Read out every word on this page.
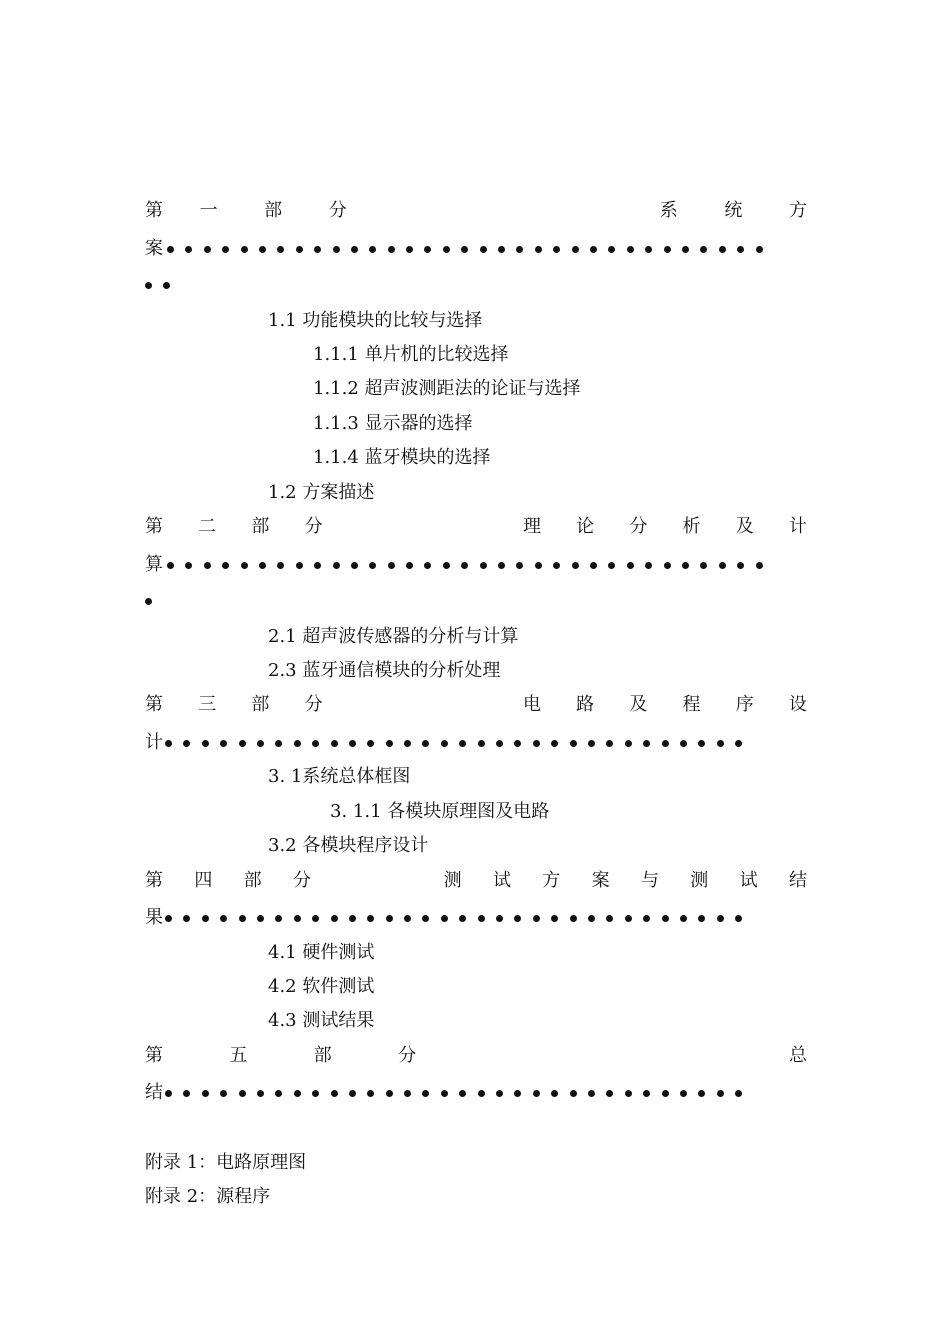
第 一	部	分	系	统	方
案
1.1 功能模块的比较与选择
1.1.1 单片机的比较选择
1.1.2 超声波测距法的论证与选择
1.1.3 显示器的选择
1.1.4 蓝牙模块的选择
1.2 方案描述
第 二 部 分	理 论 分 析 及 计
算
2.1 超声波传感器的分析与计算
2.3 蓝牙通信模块的分析处理
第 三 部 分	电 路 及 程 序 设
计
3. 1系统总体框图
3. 1.1 各模块原理图及电路
3.2 各模块程序设计
第 四 部 分	测 试 方 案 与 测 试 结
果
4.1 硬件测试
4.2 软件测试
4.3 测试结果
第	五	部	分	总
结
附录 1：电路原理图
附录 2：源程序
